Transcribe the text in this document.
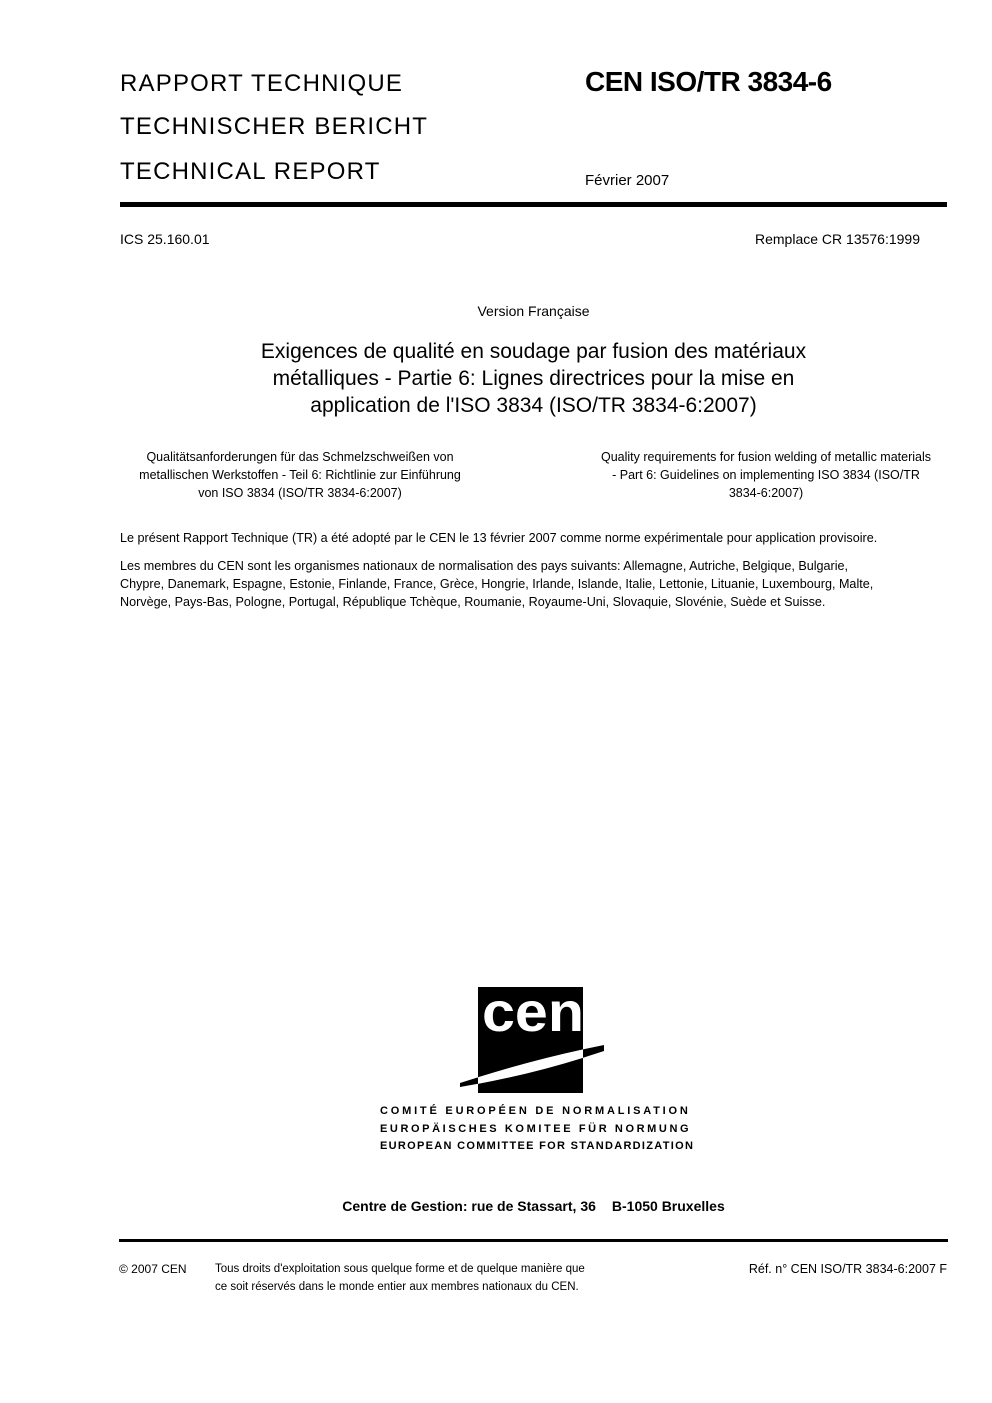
RAPPORT TECHNIQUE
TECHNISCHER BERICHT
TECHNICAL REPORT
CEN ISO/TR 3834-6
Février 2007
ICS 25.160.01	Remplace CR 13576:1999
Version Française
Exigences de qualité en soudage par fusion des matériaux
métalliques - Partie 6: Lignes directrices pour la mise en
application de l'ISO 3834 (ISO/TR 3834-6:2007)
Qualitätsanforderungen für das Schmelzschweißen von
metallischen Werkstoffen - Teil 6: Richtlinie zur Einführung
von ISO 3834 (ISO/TR 3834-6:2007)
Quality requirements for fusion welding of metallic materials
- Part 6: Guidelines on implementing ISO 3834 (ISO/TR
3834-6:2007)
Le présent Rapport Technique (TR) a été adopté par le CEN le 13 février 2007 comme norme expérimentale pour application provisoire.
Les membres du CEN sont les organismes nationaux de normalisation des pays suivants: Allemagne, Autriche, Belgique, Bulgarie,
Chypre, Danemark, Espagne, Estonie, Finlande, France, Grèce, Hongrie, Irlande, Islande, Italie, Lettonie, Lituanie, Luxembourg, Malte,
Norvège, Pays-Bas, Pologne, Portugal, République Tchèque, Roumanie, Royaume-Uni, Slovaquie, Slovénie, Suède et Suisse.
cen
COMITÉ EUROPÉEN DE NORMALISATION
EUROPÄISCHES KOMITEE FÜR NORMUNG
EUROPEAN COMMITTEE FOR STANDARDIZATION
Centre de Gestion: rue de Stassart, 36 B-1050 Bruxelles
© 2007 CEN Tous droits d'exploitation sous quelque forme et de quelque manière que
ce soit réservés dans le monde entier aux membres nationaux du CEN.
Réf. n° CEN ISO/TR 3834-6:2007 F
